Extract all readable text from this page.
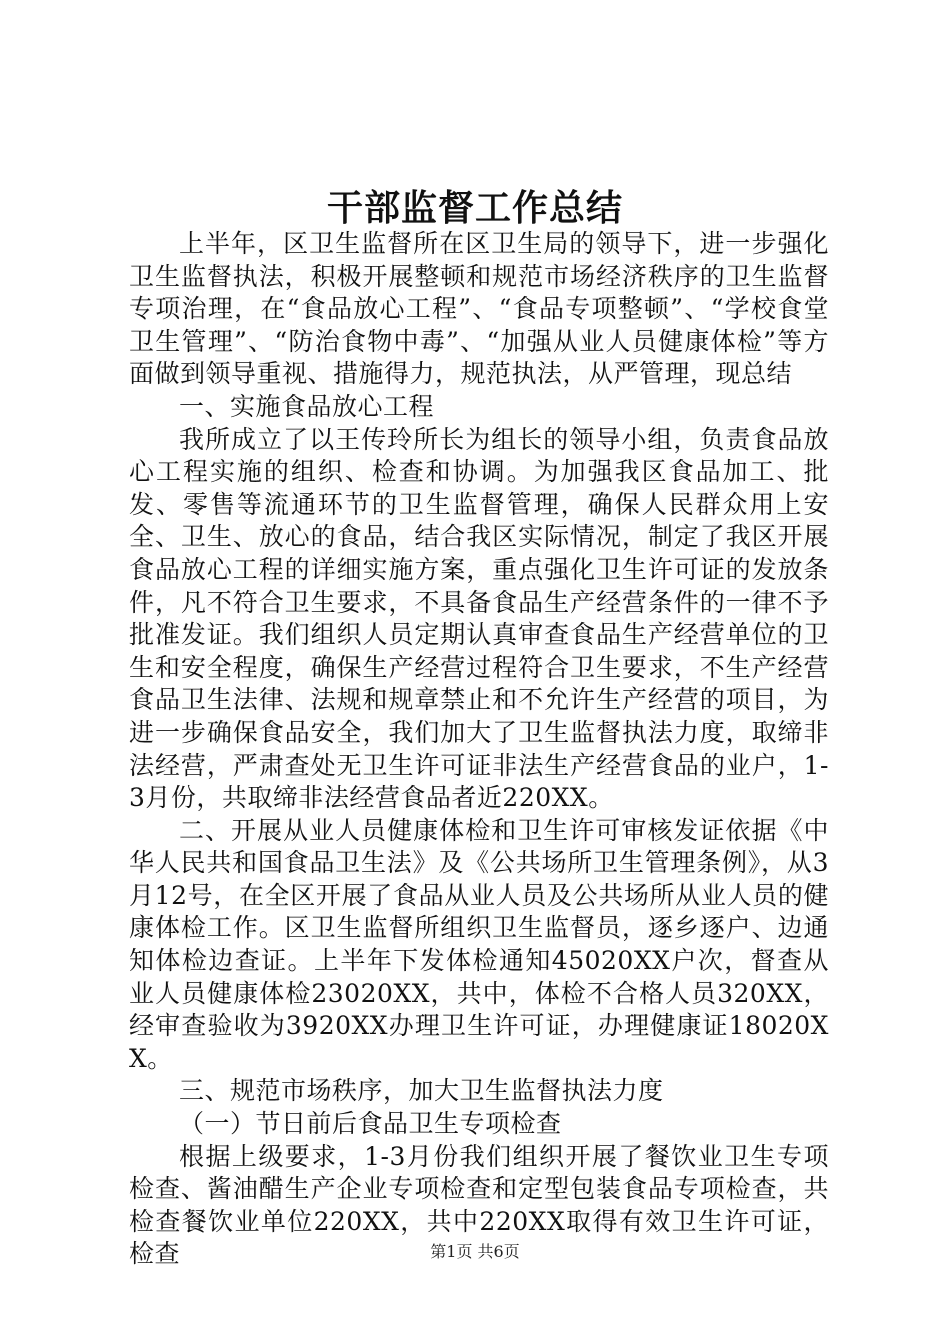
干部监督工作总结

上半年，区卫生监督所在区卫生局的领导下，进一步强化卫生监督执法，积极开展整顿和规范市场经济秩序的卫生监督专项治理，在“食品放心工程”、“食品专项整顿”、“学校食堂卫生管理”、“防治食物中毒”、“加强从业人员健康体检”等方面做到领导重视、措施得力，规范执法，从严管理，现总结

一、实施食品放心工程

我所成立了以王传玲所长为组长的领导小组，负责食品放心工程实施的组织、检查和协调。为加强我区食品加工、批发、零售等流通环节的卫生监督管理，确保人民群众用上安全、卫生、放心的食品，结合我区实际情况，制定了我区开展食品放心工程的详细实施方案，重点强化卫生许可证的发放条件，凡不符合卫生要求，不具备食品生产经营条件的一律不予批准发证。我们组织人员定期认真审查食品生产经营单位的卫生和安全程度，确保生产经营过程符合卫生要求，不生产经营食品卫生法律、法规和规章禁止和不允许生产经营的项目，为进一步确保食品安全，我们加大了卫生监督执法力度，取缔非法经营，严肃查处无卫生许可证非法生产经营食品的业户，1-3月份，共取缔非法经营食品者近220XX。

二、开展从业人员健康体检和卫生许可审核发证依据《中华人民共和国食品卫生法》及《公共场所卫生管理条例》，从3月12号，在全区开展了食品从业人员及公共场所从业人员的健康体检工作。区卫生监督所组织卫生监督员，逐乡逐户、边通知体检边查证。上半年下发体检通知45020XX户次，督查从业人员健康体检23020XX，共中，体检不合格人员320XX，经审查验收为3920XX办理卫生许可证，办理健康证18020XX。

三、规范市场秩序，加大卫生监督执法力度

（一）节日前后食品卫生专项检查

根据上级要求，1-3月份我们组织开展了餐饮业卫生专项检查、酱油醋生产企业专项检查和定型包装食品专项检查，共检查餐饮业单位220XX，共中220XX取得有效卫生许可证，检查	第1页 共6页
